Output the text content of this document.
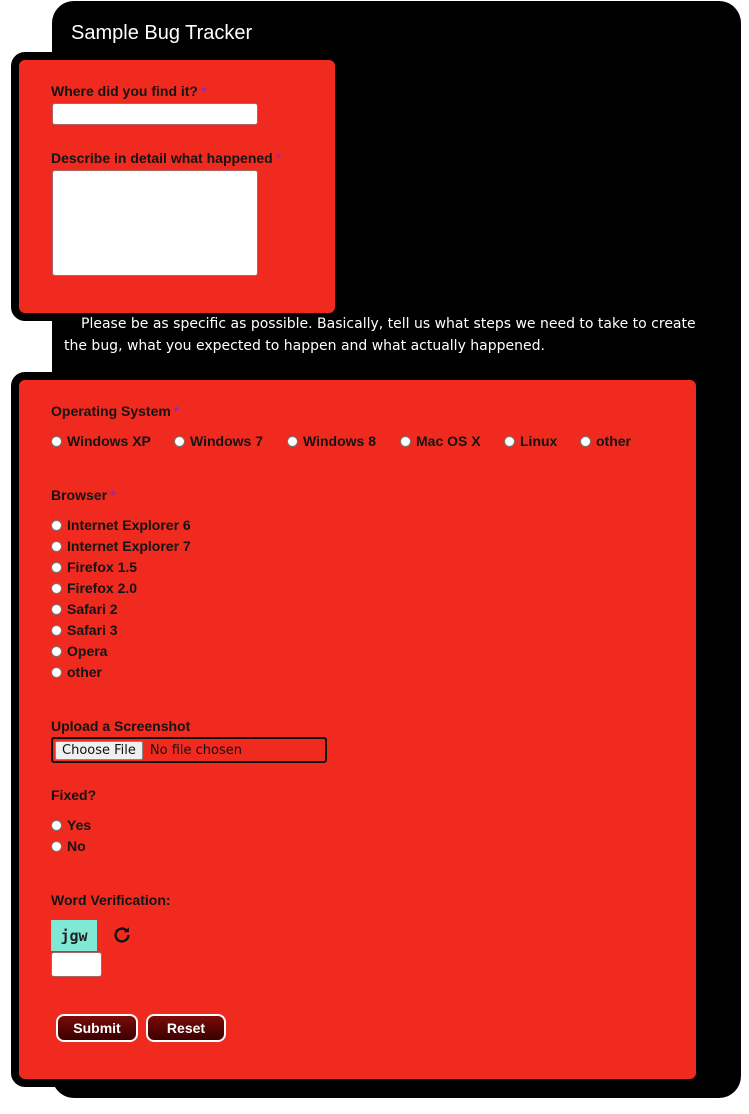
Sample Bug Tracker
Where did you find it? *
Describe in detail what happened *

Please be as specific as possible. Basically, tell us what steps we need to take to create the bug, what you expected to happen and what actually happened.

Operating System *
Windows XP	Windows 7	Windows 8	Mac OS X	Linux	other
Browser *
Internet Explorer 6
Internet Explorer 7
Firefox 1.5
Firefox 2.0
Safari 2
Safari 3
Opera
other
Upload a Screenshot
Choose File	No file chosen
Fixed?
Yes
No
Word Verification:
jgw
Submit	Reset
